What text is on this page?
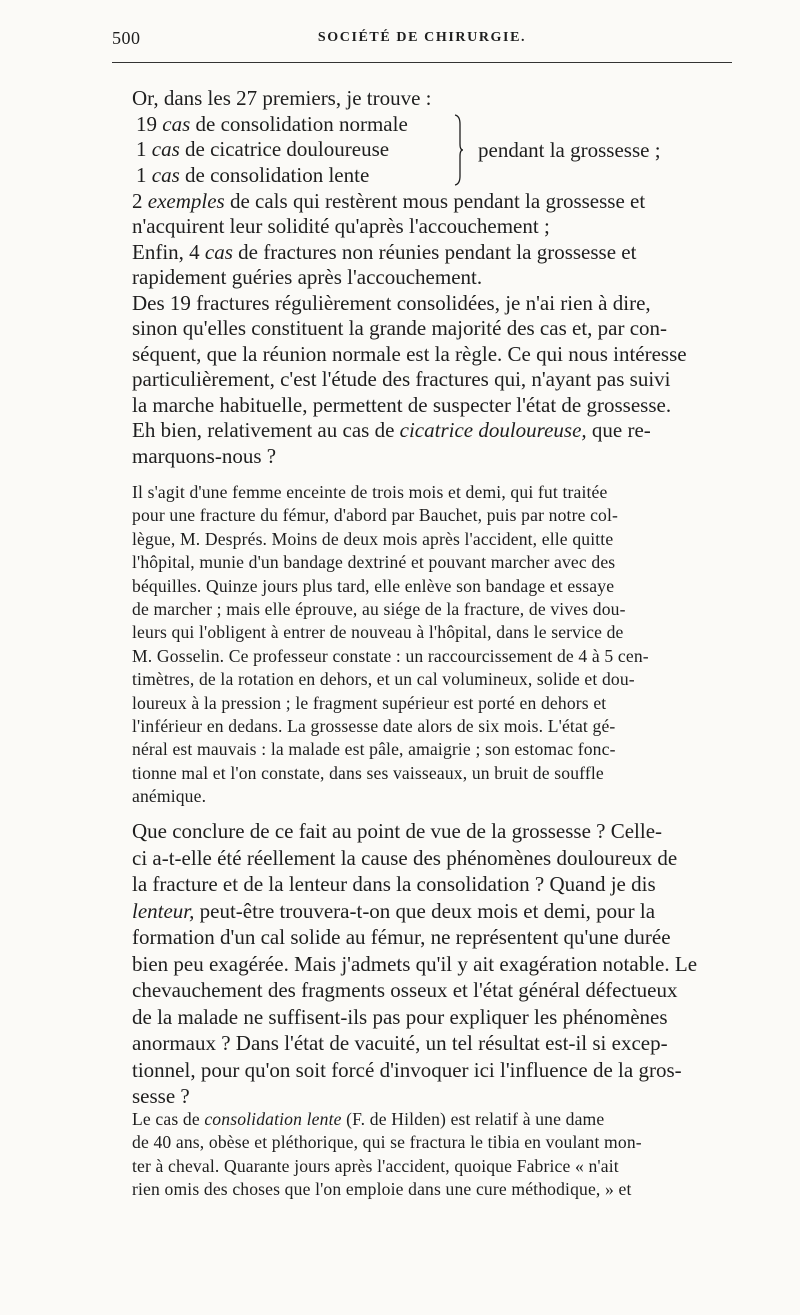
500	SOCIÉTÉ DE CHIRURGIE.

Or, dans les 27 premiers, je trouve :

19 cas de consolidation normale
1 cas de cicatrice douloureuse
1 cas de consolidation lente
pendant la grossesse ;

2 exemples de cals qui restèrent mous pendant la grossesse et
n'acquirent leur solidité qu'après l'accouchement ;

Enfin, 4 cas de fractures non réunies pendant la grossesse et
rapidement guéries après l'accouchement.

Des 19 fractures régulièrement consolidées, je n'ai rien à dire,
sinon qu'elles constituent la grande majorité des cas et, par con-
séquent, que la réunion normale est la règle. Ce qui nous intéresse
particulièrement, c'est l'étude des fractures qui, n'ayant pas suivi
la marche habituelle, permettent de suspecter l'état de grossesse.

Eh bien, relativement au cas de cicatrice douloureuse, que re-
marquons-nous ?

Il s'agit d'une femme enceinte de trois mois et demi, qui fut traitée
pour une fracture du fémur, d'abord par Bauchet, puis par notre col-
lègue, M. Després. Moins de deux mois après l'accident, elle quitte
l'hôpital, munie d'un bandage dextriné et pouvant marcher avec des
béquilles. Quinze jours plus tard, elle enlève son bandage et essaye
de marcher ; mais elle éprouve, au siége de la fracture, de vives dou-
leurs qui l'obligent à entrer de nouveau à l'hôpital, dans le service de
M. Gosselin. Ce professeur constate : un raccourcissement de 4 à 5 cen-
timètres, de la rotation en dehors, et un cal volumineux, solide et dou-
loureux à la pression ; le fragment supérieur est porté en dehors et
l'inférieur en dedans. La grossesse date alors de six mois. L'état gé-
néral est mauvais : la malade est pâle, amaigrie ; son estomac fonc-
tionne mal et l'on constate, dans ses vaisseaux, un bruit de souffle
anémique.

Que conclure de ce fait au point de vue de la grossesse ? Celle-
ci a-t-elle été réellement la cause des phénomènes douloureux de
la fracture et de la lenteur dans la consolidation ? Quand je dis
lenteur, peut-être trouvera-t-on que deux mois et demi, pour la
formation d'un cal solide au fémur, ne représentent qu'une durée
bien peu exagérée. Mais j'admets qu'il y ait exagération notable. Le
chevauchement des fragments osseux et l'état général défectueux
de la malade ne suffisent-ils pas pour expliquer les phénomènes
anormaux ? Dans l'état de vacuité, un tel résultat est-il si excep-
tionnel, pour qu'on soit forcé d'invoquer ici l'influence de la gros-
sesse ?

Le cas de consolidation lente (F. de Hilden) est relatif à une dame
de 40 ans, obèse et pléthorique, qui se fractura le tibia en voulant mon-
ter à cheval. Quarante jours après l'accident, quoique Fabrice « n'ait
rien omis des choses que l'on emploie dans une cure méthodique, » et
